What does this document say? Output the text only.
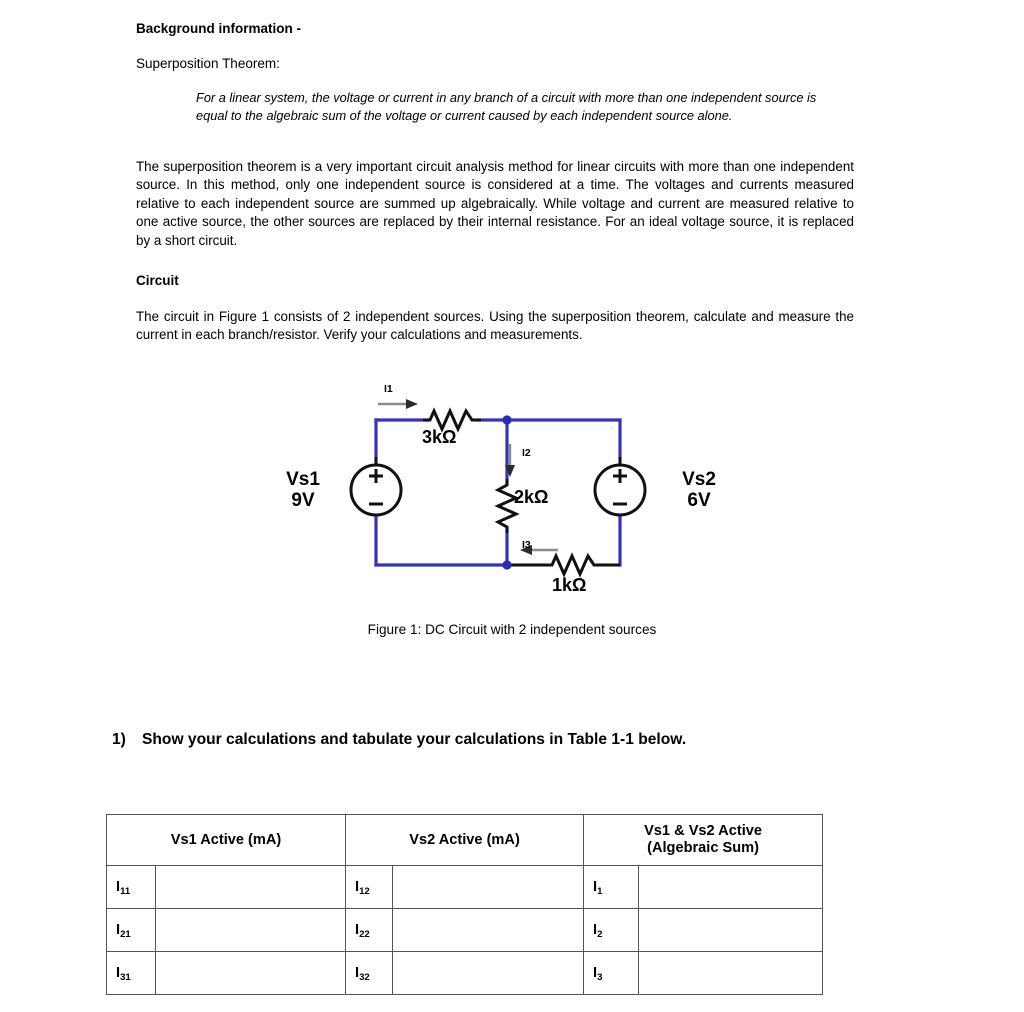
Background information -
Superposition Theorem:
For a linear system, the voltage or current in any branch of a circuit with more than one independent source is equal to the algebraic sum of the voltage or current caused by each independent source alone.
The superposition theorem is a very important circuit analysis method for linear circuits with more than one independent source. In this method, only one independent source is considered at a time. The voltages and currents measured relative to each independent source are summed up algebraically. While voltage and current are measured relative to one active source, the other sources are replaced by their internal resistance. For an ideal voltage source, it is replaced by a short circuit.
Circuit
The circuit in Figure 1 consists of 2 independent sources. Using the superposition theorem, calculate and measure the current in each branch/resistor. Verify your calculations and measurements.
Vs1
9V
Vs2
6V
3kΩ
2kΩ
1kΩ
I1
I2
I3
Figure 1: DC Circuit with 2 independent sources
1) Show your calculations and tabulate your calculations in Table 1-1 below.
Vs1 Active (mA)		Vs2 Active (mA)		Vs1 & Vs2 Active
(Algebraic Sum)	
$I_{11}$		$I_{12}$		$I_1$	
$I_{21}$		$I_{22}$		$I_2$	
$I_{31}$		$I_{32}$		$I_3$	
